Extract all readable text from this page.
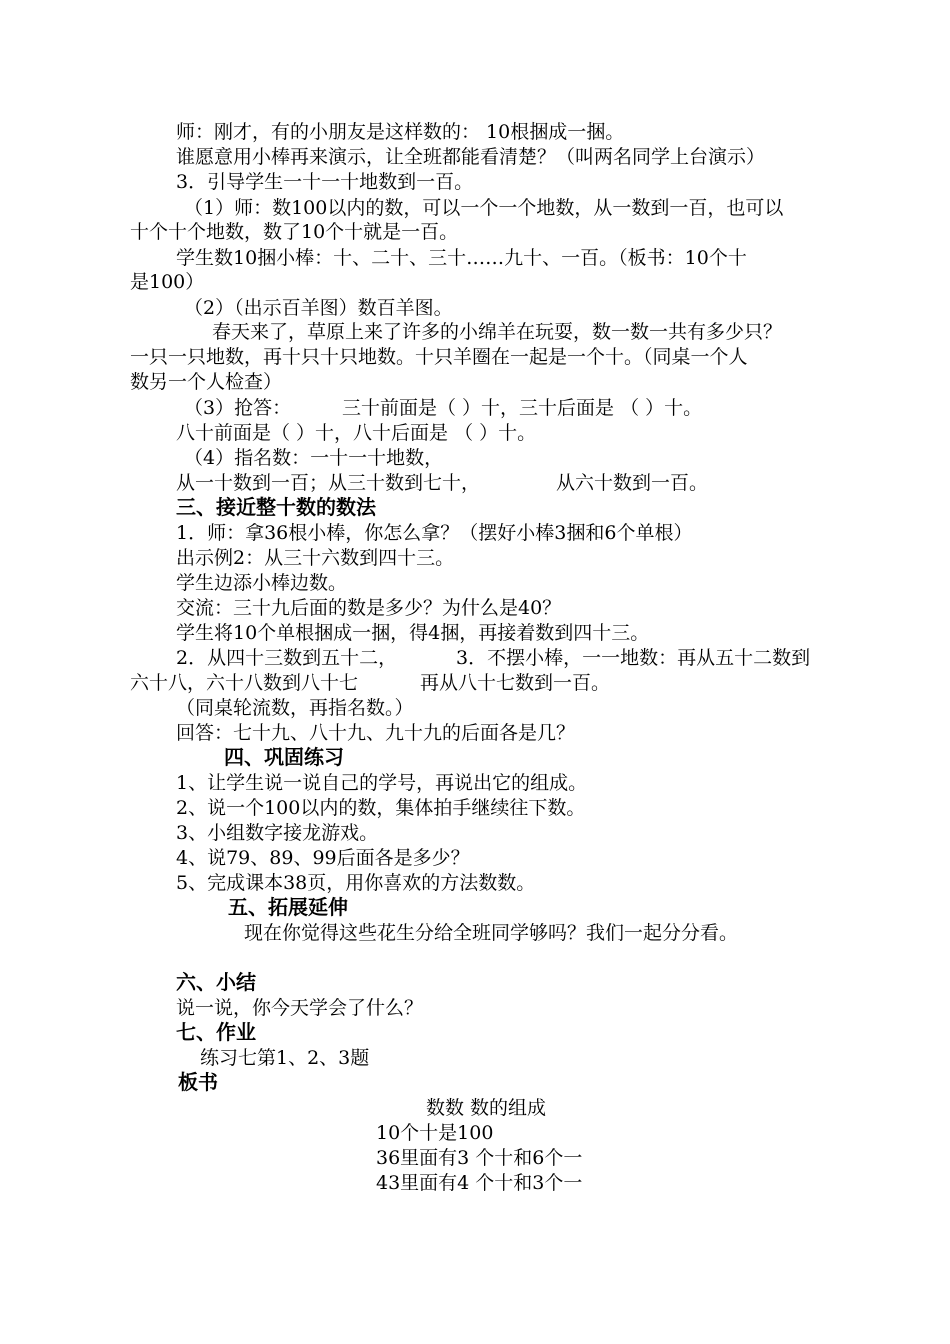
师：刚才，有的小朋友是这样数的： 10根捆成一捆。
谁愿意用小棒再来演示，让全班都能看清楚？（叫两名同学上台演示）
3．引导学生一十一十地数到一百。
（1）师：数100以内的数，可以一个一个地数，从一数到一百，也可以
十个十个地数，数了10个十就是一百。
学生数10捆小棒：十、二十、三十……九十、一百。（板书：10个十
是100）
（2）（出示百羊图）数百羊图。
春天来了，草原上来了许多的小绵羊在玩耍，数一数一共有多少只？
一只一只地数，再十只十只地数。十只羊圈在一起是一个十。（同桌一个人
数另一个人检查）
（3）抢答：	三十前面是（ ）十，三十后面是 （ ）十。
八十前面是（ ）十，八十后面是 （ ）十。
（4）指名数：一十一十地数，
从一十数到一百；从三十数到七十，	从六十数到一百。
三、接近整十数的数法
1．师：拿36根小棒，你怎么拿？（摆好小棒3捆和6个单根）
出示例2：从三十六数到四十三。
学生边添小棒边数。
交流：三十九后面的数是多少？为什么是40？
学生将10个单根捆成一捆，得4捆，再接着数到四十三。
2．从四十三数到五十二，	3．不摆小棒，一一地数：再从五十二数到
六十八，六十八数到八十七	再从八十七数到一百。
（同桌轮流数，再指名数。）
回答：七十九、八十九、九十九的后面各是几？
四、巩固练习
1、让学生说一说自己的学号，再说出它的组成。
2、说一个100以内的数，集体拍手继续往下数。
3、小组数字接龙游戏。
4、说79、89、99后面各是多少？
5、完成课本38页，用你喜欢的方法数数。
五、拓展延伸
现在你觉得这些花生分给全班同学够吗？我们一起分分看。
六、小结
说一说，你今天学会了什么？
七、作业
练习七第1、2、3题
板书
数数 数的组成
10个十是100
36里面有3 个十和6个一
43里面有4 个十和3个一
